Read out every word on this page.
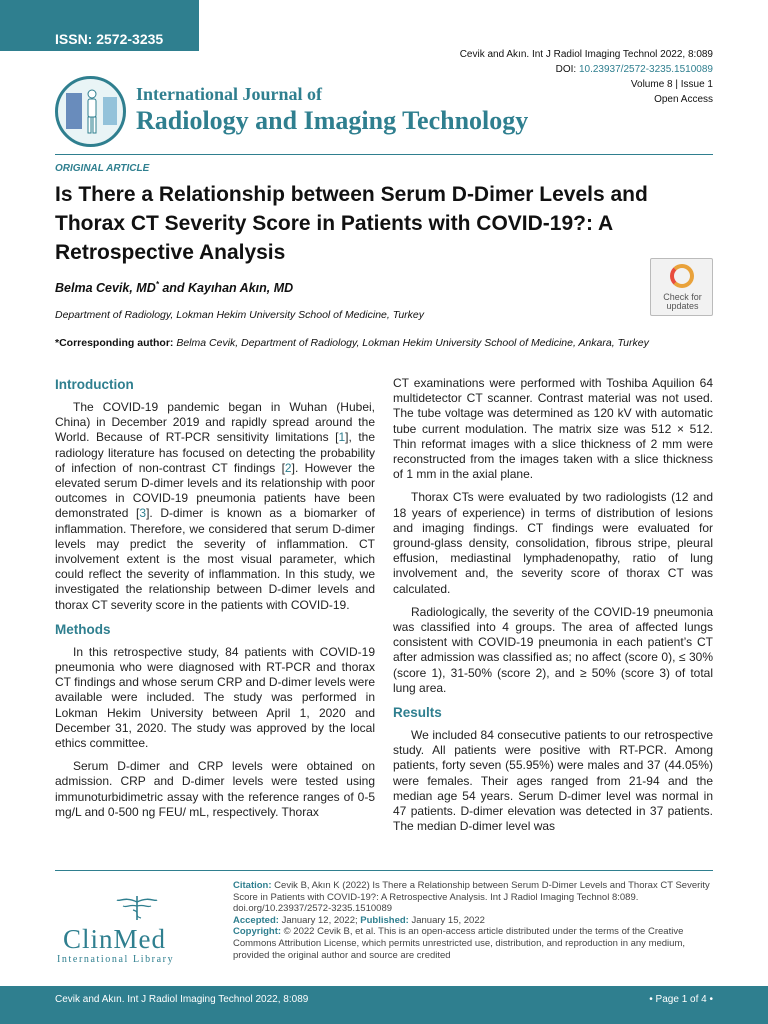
ISSN: 2572-3235
Cevik and Akın. Int J Radiol Imaging Technol 2022, 8:089
DOI: 10.23937/2572-3235.1510089
Volume 8 | Issue 1
Open Access
International Journal of
Radiology and Imaging Technology
ORIGINAL ARTICLE
Is There a Relationship between Serum D-Dimer Levels and Thorax CT Severity Score in Patients with COVID-19?: A Retrospective Analysis
Belma Cevik, MD* and Kayıhan Akın, MD
Check for updates
Department of Radiology, Lokman Hekim University School of Medicine, Turkey
*Corresponding author: Belma Cevik, Department of Radiology, Lokman Hekim University School of Medicine, Ankara, Turkey
Introduction

The COVID-19 pandemic began in Wuhan (Hubei, China) in December 2019 and rapidly spread around the World. Because of RT-PCR sensitivity limitations [1], the radiology literature has focused on detecting the probability of infection of non-contrast CT findings [2]. However the elevated serum D-dimer levels and its relationship with poor outcomes in COVID-19 pneumonia patients have been demonstrated [3]. D-dimer is known as a biomarker of inflammation. Therefore, we considered that serum D-dimer levels may predict the severity of inflammation. CT involvement extent is the most visual parameter, which could reflect the severity of inflammation. In this study, we investigated the relationship between D-dimer levels and thorax CT severity score in the patients with COVID-19.

Methods

In this retrospective study, 84 patients with COVID-19 pneumonia who were diagnosed with RT-PCR and thorax CT findings and whose serum CRP and D-dimer levels were available were included. The study was performed in Lokman Hekim University between April 1, 2020 and December 31, 2020. The study was approved by the local ethics committee.

Serum D-dimer and CRP levels were obtained on admission. CRP and D-dimer levels were tested using immunoturbidimetric assay with the reference ranges of 0-5 mg/L and 0-500 ng FEU/ mL, respectively. Thorax

CT examinations were performed with Toshiba Aquilion 64 multidetector CT scanner. Contrast material was not used. The tube voltage was determined as 120 kV with automatic tube current modulation. The matrix size was 512 × 512. Thin reformat images with a slice thickness of 2 mm were reconstructed from the images taken with a slice thickness of 1 mm in the axial plane.

Thorax CTs were evaluated by two radiologists (12 and 18 years of experience) in terms of distribution of lesions and imaging findings. CT findings were evaluated for ground-glass density, consolidation, fibrous stripe, pleural effusion, mediastinal lymphadenopathy, ratio of lung involvement and, the severity score of thorax CT was calculated.

Radiologically, the severity of the COVID-19 pneumonia was classified into 4 groups. The area of affected lungs consistent with COVID-19 pneumonia in each patient’s CT after admission was classified as; no affect (score 0), ≤ 30% (score 1), 31-50% (score 2), and ≥ 50% (score 3) of total lung area.

Results

We included 84 consecutive patients to our retrospective study. All patients were positive with RT-PCR. Among patients, forty seven (55.95%) were males and 37 (44.05%) were females. Their ages ranged from 21-94 and the median age 54 years. Serum D-dimer level was normal in 47 patients. D-dimer elevation was detected in 37 patients. The median D-dimer level was

ClinMed
International Library

Citation: Cevik B, Akın K (2022) Is There a Relationship between Serum D-Dimer Levels and Thorax CT Severity Score in Patients with COVID-19?: A Retrospective Analysis. Int J Radiol Imaging Technol 8:089. doi.org/10.23937/2572-3235.1510089

Accepted: January 12, 2022; Published: January 15, 2022

Copyright: © 2022 Cevik B, et al. This is an open-access article distributed under the terms of the Creative Commons Attribution License, which permits unrestricted use, distribution, and reproduction in any medium, provided the original author and source are credited

Cevik and Akın. Int J Radiol Imaging Technol 2022, 8:089	• Page 1 of 4 •
